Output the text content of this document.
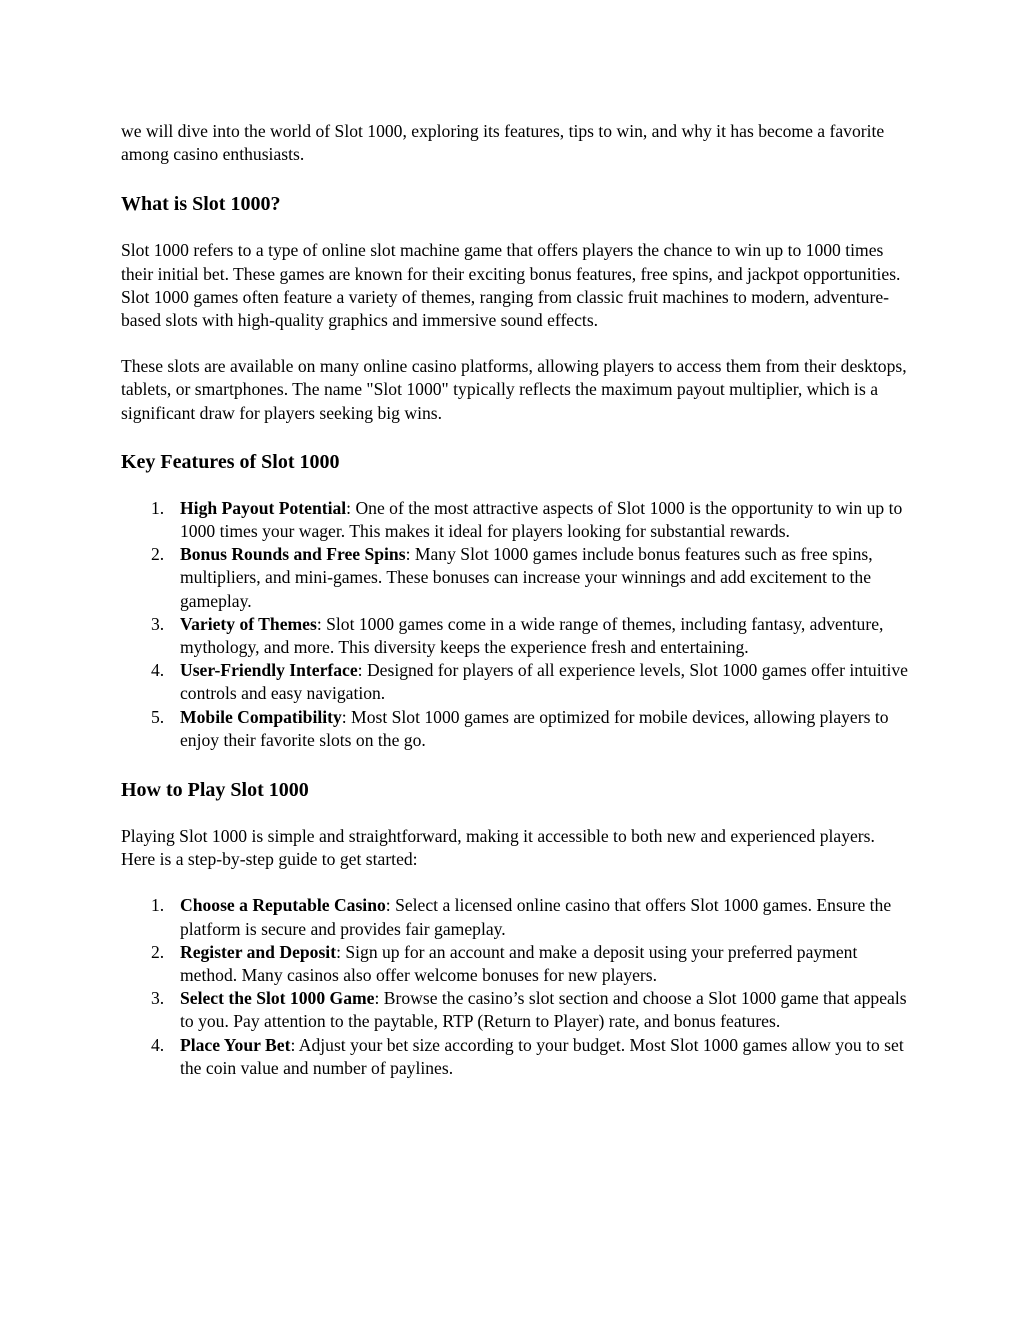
we will dive into the world of Slot 1000, exploring its features, tips to win, and why it has become a favorite among casino enthusiasts.

What is Slot 1000?

Slot 1000 refers to a type of online slot machine game that offers players the chance to win up to 1000 times their initial bet. These games are known for their exciting bonus features, free spins, and jackpot opportunities. Slot 1000 games often feature a variety of themes, ranging from classic fruit machines to modern, adventure-based slots with high-quality graphics and immersive sound effects.

These slots are available on many online casino platforms, allowing players to access them from their desktops, tablets, or smartphones. The name "Slot 1000" typically reflects the maximum payout multiplier, which is a significant draw for players seeking big wins.

Key Features of Slot 1000
1. High Payout Potential: One of the most attractive aspects of Slot 1000 is the opportunity to win up to 1000 times your wager. This makes it ideal for players looking for substantial rewards.
2. Bonus Rounds and Free Spins: Many Slot 1000 games include bonus features such as free spins, multipliers, and mini-games. These bonuses can increase your winnings and add excitement to the gameplay.
3. Variety of Themes: Slot 1000 games come in a wide range of themes, including fantasy, adventure, mythology, and more. This diversity keeps the experience fresh and entertaining.
4. User-Friendly Interface: Designed for players of all experience levels, Slot 1000 games offer intuitive controls and easy navigation.
5. Mobile Compatibility: Most Slot 1000 games are optimized for mobile devices, allowing players to enjoy their favorite slots on the go.
How to Play Slot 1000

Playing Slot 1000 is simple and straightforward, making it accessible to both new and experienced players. Here is a step-by-step guide to get started:

1. Choose a Reputable Casino: Select a licensed online casino that offers Slot 1000 games. Ensure the platform is secure and provides fair gameplay.
2. Register and Deposit: Sign up for an account and make a deposit using your preferred payment method. Many casinos also offer welcome bonuses for new players.
3. Select the Slot 1000 Game: Browse the casino’s slot section and choose a Slot 1000 game that appeals to you. Pay attention to the paytable, RTP (Return to Player) rate, and bonus features.
4. Place Your Bet: Adjust your bet size according to your budget. Most Slot 1000 games allow you to set the coin value and number of paylines.
